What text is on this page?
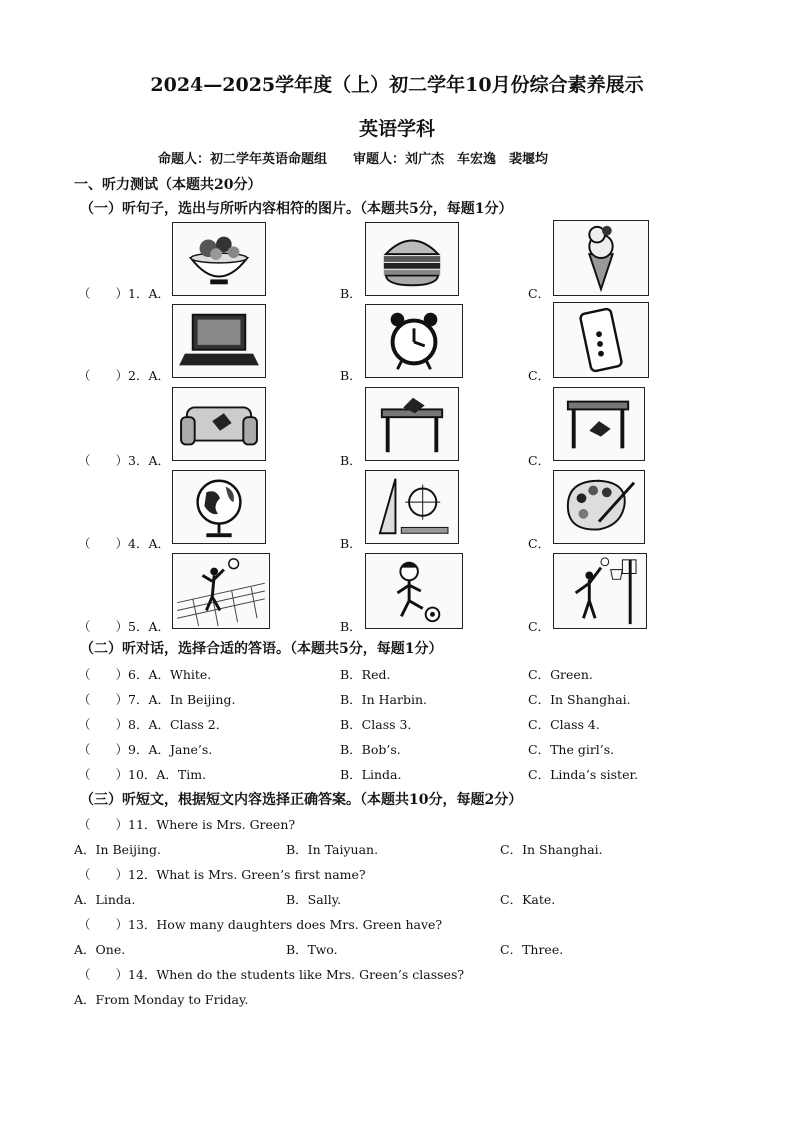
2024—2025学年度（上）初二学年10月份综合素养展示
英语学科
命题人：初二学年英语命题组　　审题人：刘广杰　车宏逸　裴堰均
一、听力测试（本题共20分）
（一）听句子，选出与所听内容相符的图片。（本题共5分，每题1分）
（　　）1．A．	B．	C．
（　　）2．A．	B．	C．
（　　）3．A．	B．	C．
（　　）4．A．	B．	C．
（　　）5．A．	B．	C．
（二）听对话，选择合适的答语。（本题共5分，每题1分）
（　　）6．A．White.	B．Red.	C．Green.
（　　）7．A．In Beijing.	B．In Harbin.	C．In Shanghai.
（　　）8．A．Class 2．	B．Class 3．	C．Class 4.
（　　）9．A．Jane’s.	B．Bob’s.	C．The girl’s.
（　　）10．A．Tim.	B．Linda.	C．Linda’s sister.
（三）听短文，根据短文内容选择正确答案。（本题共10分，每题2分）
（　　）11．Where is Mrs. Green?
A．In Beijing.	B．In Taiyuan.	C．In Shanghai.
（　　）12．What is Mrs. Green’s first name?
A．Linda.	B．Sally.	C．Kate.
（　　）13．How many daughters does Mrs. Green have?
A．One.	B．Two.	C．Three.
（　　）14．When do the students like Mrs. Green’s classes?
A．From Monday to Friday.
